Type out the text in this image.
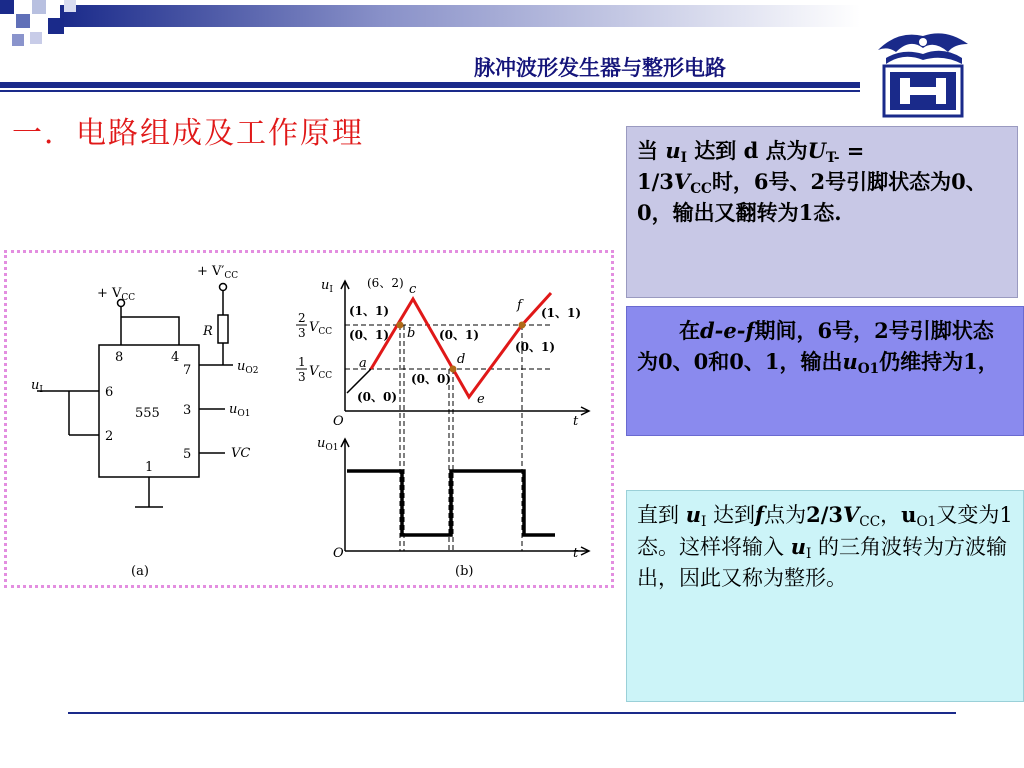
脉冲波形发生器与整形电路
一．电路组成及工作原理
+ $V_{CC}$
+ $V'_{CC}$
R
$u_{O2}$
$u_{O1}$
VC
$u_I$
555
8	4
7
6
3
2
5
1
(a)
$u_I$
$u_{O1}$
O
O
t
t
2
3 $V_{CC}$
1
3 $V_{CC}$
(6、2)
(1、1)
(0、1)	(0、1)
(0、0)
(0、0)
(1、1)
(0、1)
a
b
c
d
e
f
(b)

当 $u_I$ 达到 d 点为$U_{T-}$ =
$1/3V_{CC}$时，6号、2号引脚状态为0、0，输出又翻转为1态.

在d-e-f期间，6号，2号引脚状态为0、0和0、1，输出$u_{O1}$仍维持为1，

直到 $u_I$ 达到f点为$2/3V_{CC}$，$u_{O1}$又变为1态。这样将输入 $u_I$ 的三角波转为方波输出，因此又称为整形。
